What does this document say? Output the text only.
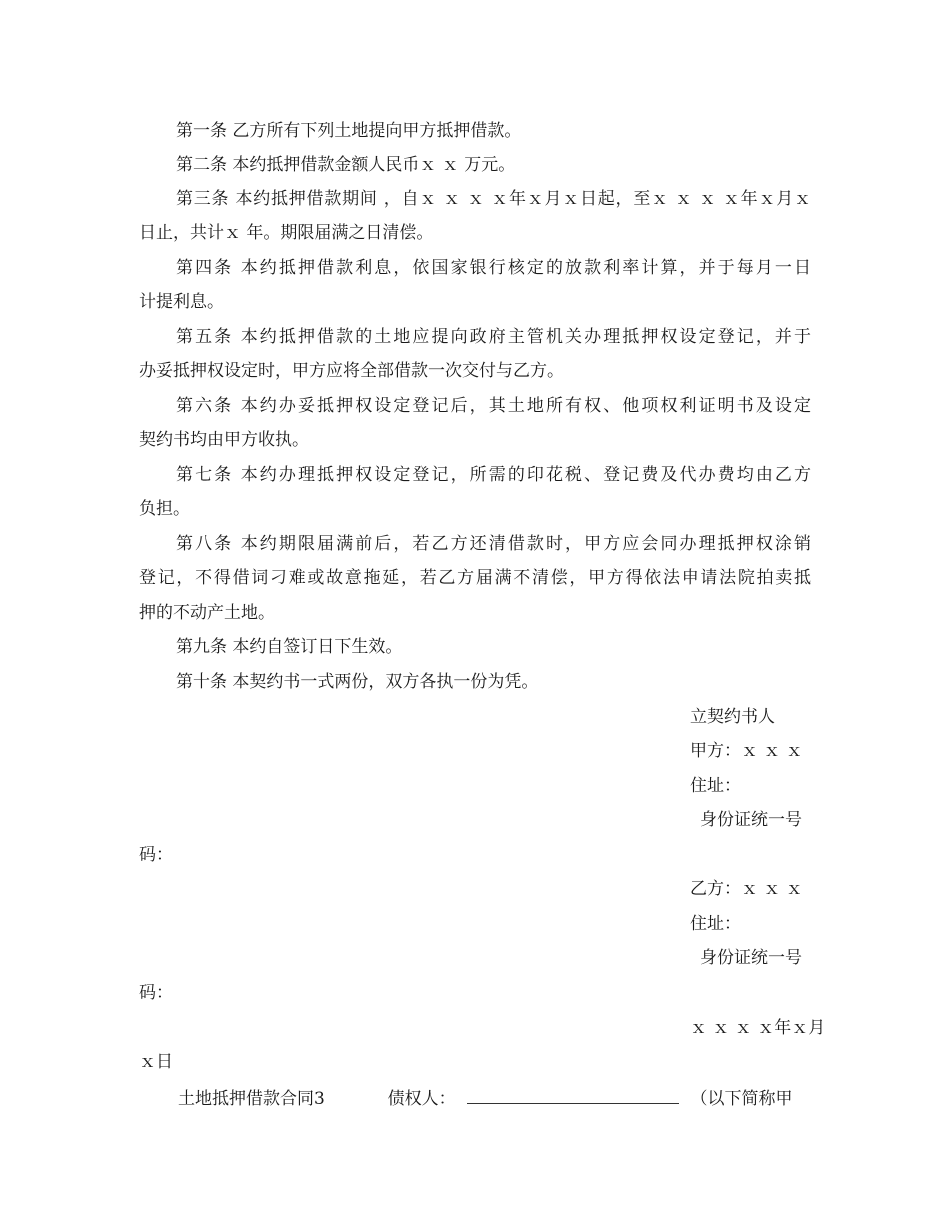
第一条 乙方所有下列土地提向甲方抵押借款。
第二条 本约抵押借款金额人民币ｘ ｘ 万元。
第三条 本约抵押借款期间 ，自ｘ ｘ ｘ ｘ年ｘ月ｘ日起，至ｘ ｘ ｘ ｘ年ｘ月ｘ
日止，共计ｘ 年。期限届满之日清偿。
第四条 本约抵押借款利息，依国家银行核定的放款利率计算，并于每月一日
计提利息。
第五条 本约抵押借款的土地应提向政府主管机关办理抵押权设定登记，并于
办妥抵押权设定时，甲方应将全部借款一次交付与乙方。
第六条 本约办妥抵押权设定登记后，其土地所有权、他项权利证明书及设定
契约书均由甲方收执。
第七条 本约办理抵押权设定登记，所需的印花税、登记费及代办费均由乙方
负担。
第八条 本约期限届满前后，若乙方还清借款时，甲方应会同办理抵押权涂销
登记，不得借词刁难或故意拖延，若乙方届满不清偿，甲方得依法申请法院拍卖抵
押的不动产土地。
第九条 本约自签订日下生效。
第十条 本契约书一式两份，双方各执一份为凭。
立契约书人
甲方：ｘ ｘ ｘ
住址：
身份证统一号
码：
乙方：ｘ ｘ ｘ
住址：
身份证统一号
码：
ｘ ｘ ｘ ｘ年ｘ月
ｘ日
土地抵押借款合同3	债权人：	（以下简称甲
